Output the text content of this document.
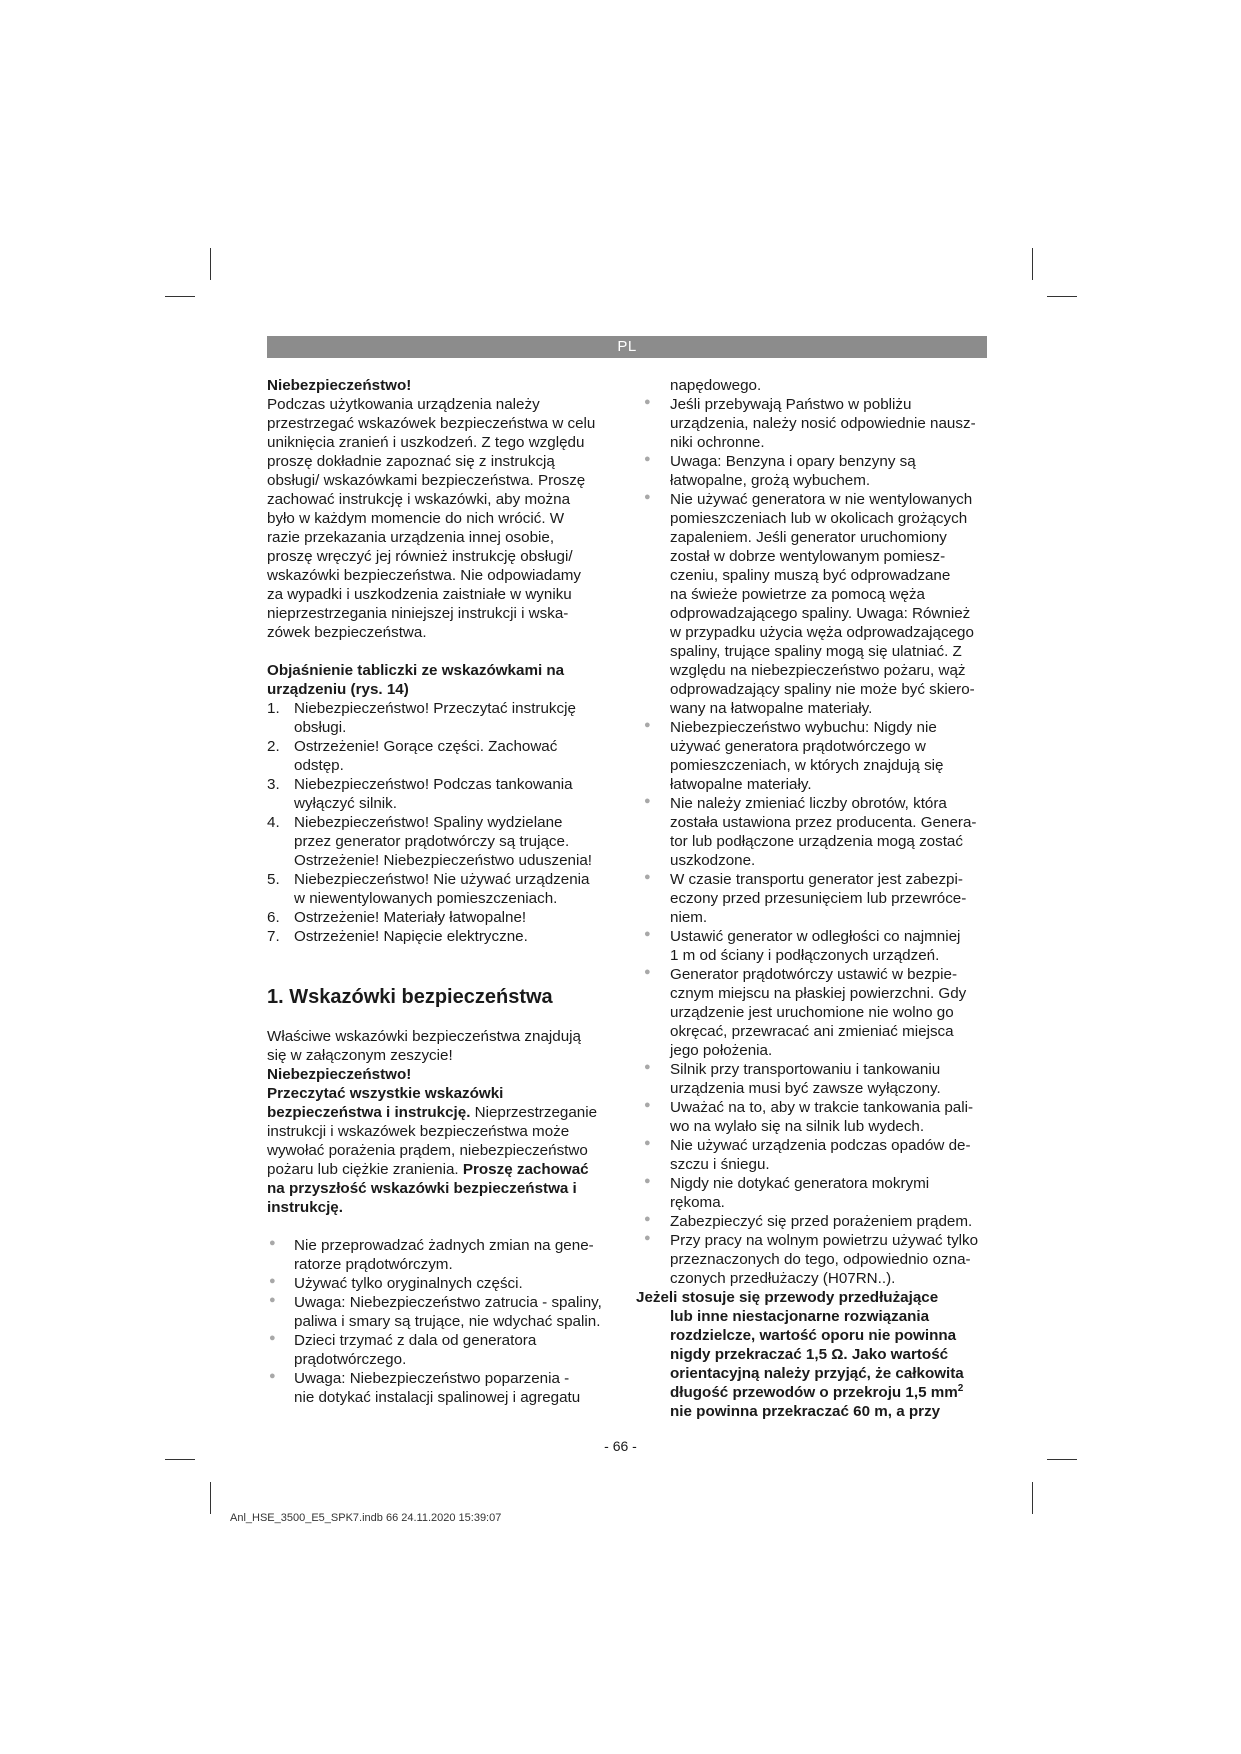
PL

Niebezpieczeństwo!

Podczas użytkowania urządzenia należy
przestrzegać wskazówek bezpieczeństwa w celu
uniknięcia zranień i uszkodzeń. Z tego względu
proszę dokładnie zapoznać się z instrukcją
obsługi/ wskazówkami bezpieczeństwa. Proszę
zachować instrukcję i wskazówki, aby można
było w każdym momencie do nich wrócić. W
razie przekazania urządzenia innej osobie,
proszę wręczyć jej również instrukcję obsługi/
wskazówki bezpieczeństwa. Nie odpowiadamy
za wypadki i uszkodzenia zaistniałe w wyniku
nieprzestrzegania niniejszej instrukcji i wska-
zówek bezpieczeństwa.

Objaśnienie tabliczki ze wskazówkami na

urządzeniu (rys. 14)

1. Niebezpieczeństwo! Przeczytać instrukcję
obsługi.
2. Ostrzeżenie! Gorące części. Zachować
odstęp.
3. Niebezpieczeństwo! Podczas tankowania
wyłączyć silnik.
4. Niebezpieczeństwo! Spaliny wydzielane
przez generator prądotwórczy są trujące.
Ostrzeżenie! Niebezpieczeństwo uduszenia!
5. Niebezpieczeństwo! Nie używać urządzenia
w niewentylowanych pomieszczeniach.
6. Ostrzeżenie! Materiały łatwopalne!
7. Ostrzeżenie! Napięcie elektryczne.
1. Wskazówki bezpieczeństwa
Właściwe wskazówki bezpieczeństwa znajdują
się w załączonym zeszycie!

Niebezpieczeństwo!

Przeczytać wszystkie wskazówki
bezpieczeństwa i instrukcję. Nieprzestrzeganie
instrukcji i wskazówek bezpieczeństwa może
wywołać porażenia prądem, niebezpieczeństwo
pożaru lub ciężkie zranienia. Proszę zachować
na przyszłość wskazówki bezpieczeństwa i
instrukcję.
● Nie przeprowadzać żadnych zmian na gene-
ratorze prądotwórczym.
● Używać tylko oryginalnych części.
● Uwaga: Niebezpieczeństwo zatrucia - spaliny,
paliwa i smary są trujące, nie wdychać spalin.
● Dzieci trzymać z dala od generatora
prądotwórczego.
● Uwaga: Niebezpieczeństwo poparzenia -
nie dotykać instalacji spalinowej i agregatu
napędowego.
● Jeśli przebywają Państwo w pobliżu
urządzenia, należy nosić odpowiednie nausz-
niki ochronne.
● Uwaga: Benzyna i opary benzyny są
łatwopalne, grożą wybuchem.
● Nie używać generatora w nie wentylowanych
pomieszczeniach lub w okolicach grożących
zapaleniem. Jeśli generator uruchomiony
został w dobrze wentylowanym pomiesz-
czeniu, spaliny muszą być odprowadzane
na świeże powietrze za pomocą węża
odprowadzającego spaliny. Uwaga: Również
w przypadku użycia węża odprowadzającego
spaliny, trujące spaliny mogą się ulatniać. Z
względu na niebezpieczeństwo pożaru, wąż
odprowadzający spaliny nie może być skiero-
wany na łatwopalne materiały.
● Niebezpieczeństwo wybuchu: Nigdy nie
używać generatora prądotwórczego w
pomieszczeniach, w których znajdują się
łatwopalne materiały.
● Nie należy zmieniać liczby obrotów, która
została ustawiona przez producenta. Genera-
tor lub podłączone urządzenia mogą zostać
uszkodzone.
● W czasie transportu generator jest zabezpi-
eczony przed przesunięciem lub przewróce-
niem.
● Ustawić generator w odległości co najmniej
1 m od ściany i podłączonych urządzeń.
● Generator prądotwórczy ustawić w bezpie-
cznym miejscu na płaskiej powierzchni. Gdy
urządzenie jest uruchomione nie wolno go
okręcać, przewracać ani zmieniać miejsca
jego położenia.
● Silnik przy transportowaniu i tankowaniu
urządzenia musi być zawsze wyłączony.
● Uważać na to, aby w trakcie tankowania pali-
wo na wylało się na silnik lub wydech.
● Nie używać urządzenia podczas opadów de-
szczu i śniegu.
● Nigdy nie dotykać generatora mokrymi
rękoma.
● Zabezpieczyć się przed porażeniem prądem.
● Przy pracy na wolnym powietrzu używać tylko
przeznaczonych do tego, odpowiednio ozna-
czonych przedłużaczy (H07RN..).
Jeżeli stosuje się przewody przedłużające
lub inne niestacjonarne rozwiązania
rozdzielcze, wartość oporu nie powinna
nigdy przekraczać 1,5 Ω. Jako wartość
orientacyjną należy przyjąć, że całkowita
długość przewodów o przekroju 1,5 $mm^2$
nie powinna przekraczać 60 m, a przy
- 66 -
Anl_HSE_3500_E5_SPK7.indb 66 24.11.2020 15:39:07
